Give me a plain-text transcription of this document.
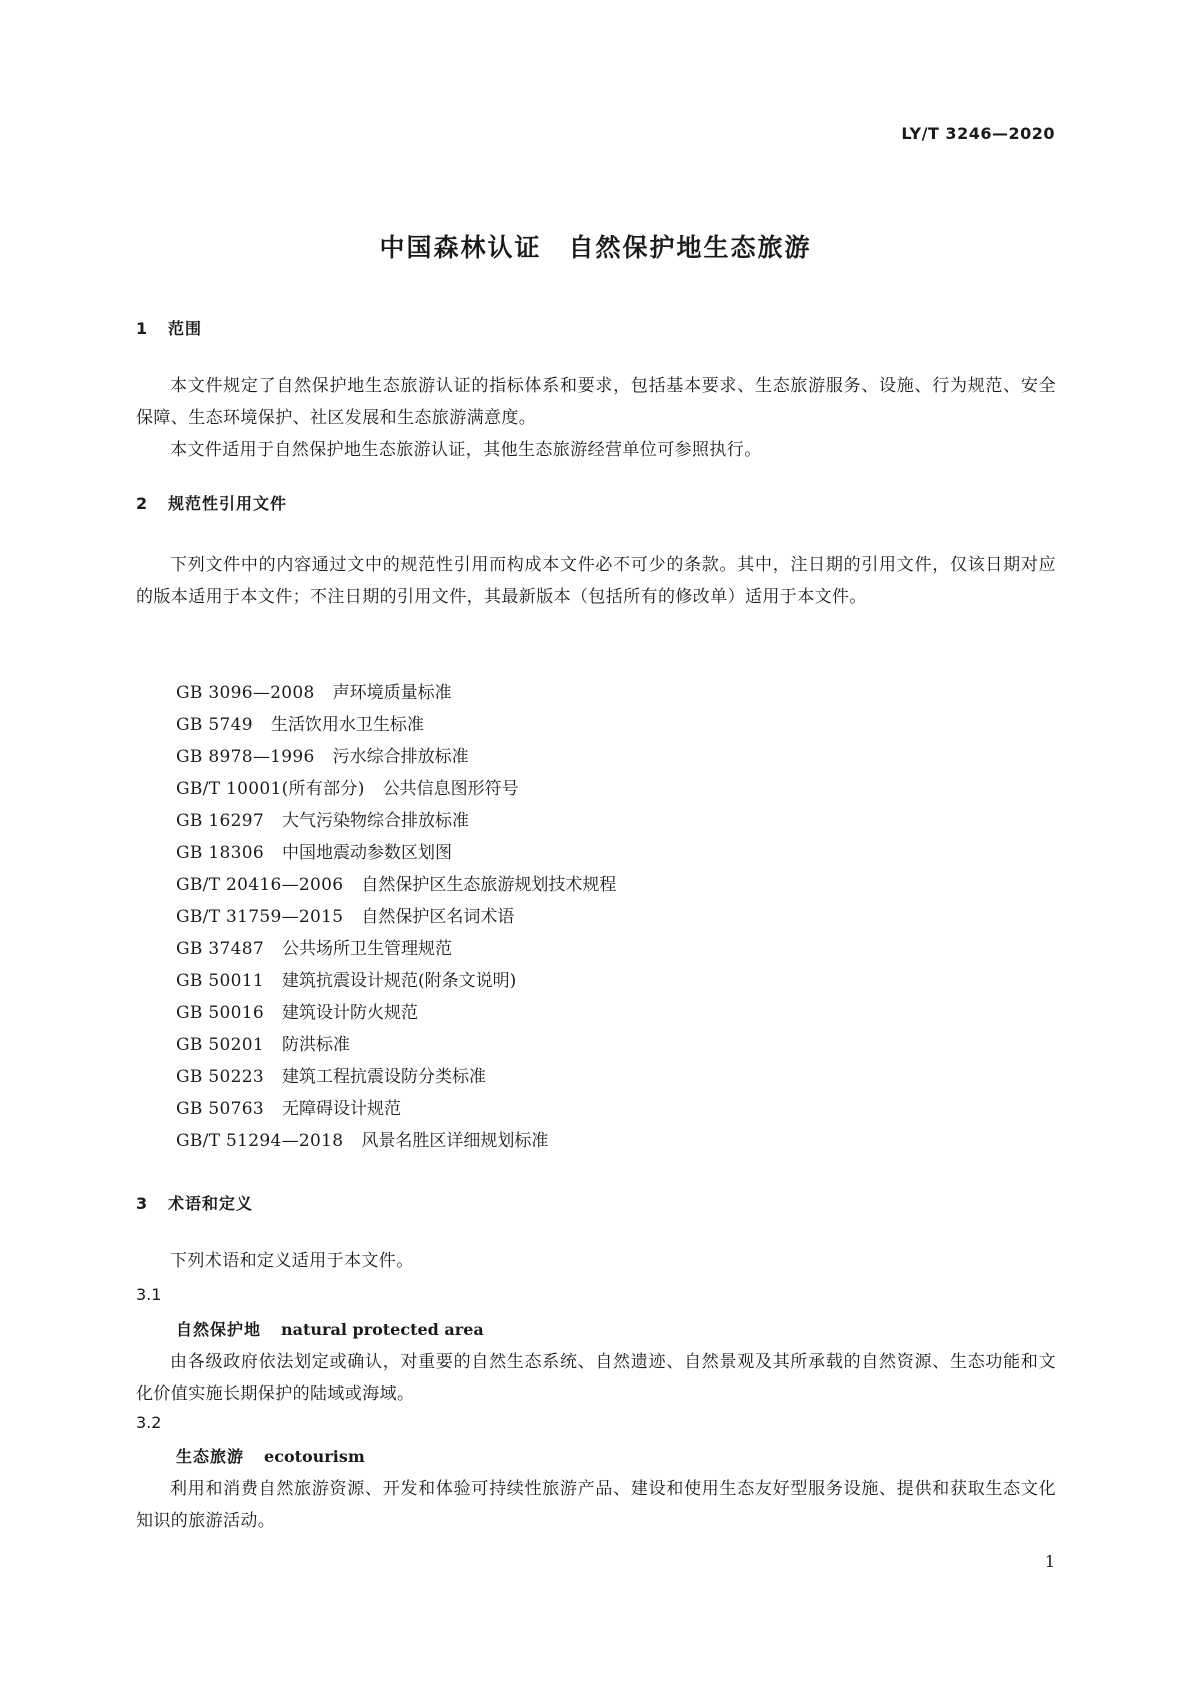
LY/T 3246—2020
中国森林认证　自然保护地生态旅游
1 范围
本文件规定了自然保护地生态旅游认证的指标体系和要求，包括基本要求、生态旅游服务、设施、行为规范、安全保障、生态环境保护、社区发展和生态旅游满意度。
本文件适用于自然保护地生态旅游认证，其他生态旅游经营单位可参照执行。
2 规范性引用文件
下列文件中的内容通过文中的规范性引用而构成本文件必不可少的条款。其中，注日期的引用文件，仅该日期对应的版本适用于本文件；不注日期的引用文件，其最新版本（包括所有的修改单）适用于本文件。
GB 3096—2008 声环境质量标准
GB 5749 生活饮用水卫生标准
GB 8978—1996 污水综合排放标准
GB/T 10001(所有部分) 公共信息图形符号
GB 16297 大气污染物综合排放标准
GB 18306 中国地震动参数区划图
GB/T 20416—2006 自然保护区生态旅游规划技术规程
GB/T 31759—2015 自然保护区名词术语
GB 37487 公共场所卫生管理规范
GB 50011 建筑抗震设计规范(附条文说明)
GB 50016 建筑设计防火规范
GB 50201 防洪标准
GB 50223 建筑工程抗震设防分类标准
GB 50763 无障碍设计规范
GB/T 51294—2018 风景名胜区详细规划标准
3 术语和定义
下列术语和定义适用于本文件。
3.1
自然保护地 natural protected area
由各级政府依法划定或确认，对重要的自然生态系统、自然遗迹、自然景观及其所承载的自然资源、生态功能和文化价值实施长期保护的陆域或海域。
3.2
生态旅游 ecotourism
利用和消费自然旅游资源、开发和体验可持续性旅游产品、建设和使用生态友好型服务设施、提供和获取生态文化知识的旅游活动。
1
